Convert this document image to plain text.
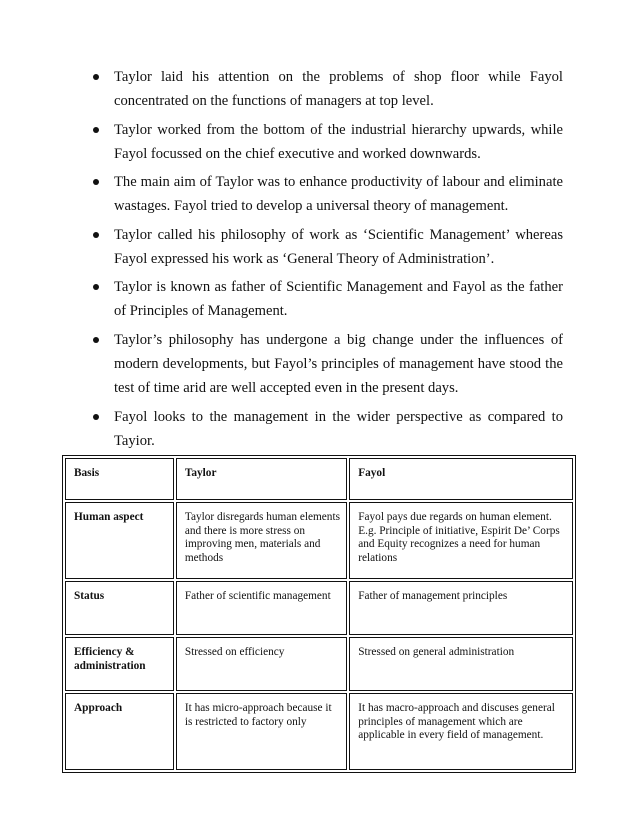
Taylor laid his attention on the problems of shop floor while Fayol concentrated on the functions of managers at top level.
Taylor worked from the bottom of the industrial hierarchy upwards, while Fayol focussed on the chief executive and worked downwards.
The main aim of Taylor was to enhance productivity of labour and eliminate wastages. Fayol tried to develop a universal theory of management.
Taylor called his philosophy of work as ‘Scientific Management’ whereas Fayol expressed his work as ‘General Theory of Administration’.
Taylor is known as father of Scientific Management and Fayol as the father of Principles of Management.
Taylor’s philosophy has undergone a big change under the influences of modern developments, but Fayol’s principles of management have stood the test of time arid are well accepted even in the present days.
Fayol looks to the management in the wider perspective as compared to Tayior.
Basis	Taylor	Fayol
Human aspect	Taylor disregards human elements and there is more stress on improving men, materials and methods	Fayol pays due regards on human element. E.g. Principle of initiative, Espirit De’ Corps and Equity recognizes a need for human relations
Status	Father of scientific management	Father of management principles
Efficiency & administration	Stressed on efficiency	Stressed on general administration
Approach	It has micro-approach because it is restricted to factory only	It has macro-approach and discuses general principles of management which are applicable in every field of management.
